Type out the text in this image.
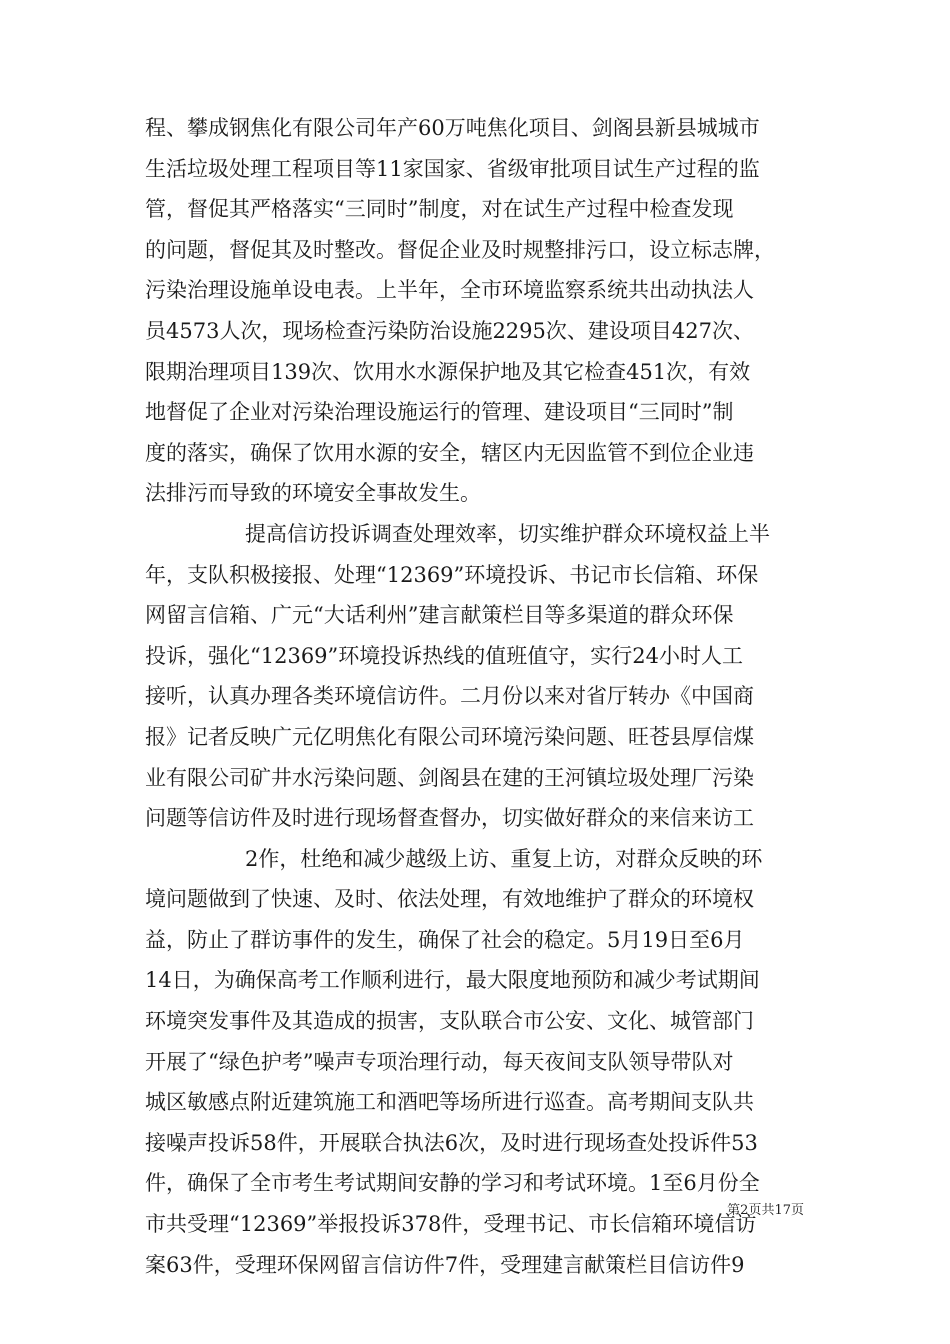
程、攀成钢焦化有限公司年产60万吨焦化项目、剑阁县新县城城市
生活垃圾处理工程项目等11家国家、省级审批项目试生产过程的监
管，督促其严格落实“三同时”制度，对在试生产过程中检查发现
的问题，督促其及时整改。督促企业及时规整排污口，设立标志牌，
污染治理设施单设电表。上半年，全市环境监察系统共出动执法人
员4573人次，现场检查污染防治设施2295次、建设项目427次、
限期治理项目139次、饮用水水源保护地及其它检查451次，有效
地督促了企业对污染治理设施运行的管理、建设项目“三同时”制
度的落实，确保了饮用水源的安全，辖区内无因监管不到位企业违
法排污而导致的环境安全事故发生。
提高信访投诉调查处理效率，切实维护群众环境权益上半
年，支队积极接报、处理“12369”环境投诉、书记市长信箱、环保
网留言信箱、广元“大话利州”建言献策栏目等多渠道的群众环保
投诉，强化“12369”环境投诉热线的值班值守，实行24小时人工
接听，认真办理各类环境信访件。二月份以来对省厅转办《中国商
报》记者反映广元亿明焦化有限公司环境污染问题、旺苍县厚信煤
业有限公司矿井水污染问题、剑阁县在建的王河镇垃圾处理厂污染
问题等信访件及时进行现场督查督办，切实做好群众的来信来访工
2作，杜绝和减少越级上访、重复上访，对群众反映的环
境问题做到了快速、及时、依法处理，有效地维护了群众的环境权
益，防止了群访事件的发生，确保了社会的稳定。5月19日至6月
14日，为确保高考工作顺利进行，最大限度地预防和减少考试期间
环境突发事件及其造成的损害，支队联合市公安、文化、城管部门
开展了“绿色护考”噪声专项治理行动，每天夜间支队领导带队对
城区敏感点附近建筑施工和酒吧等场所进行巡查。高考期间支队共
接噪声投诉58件，开展联合执法6次，及时进行现场查处投诉件53
件，确保了全市考生考试期间安静的学习和考试环境。1至6月份全
市共受理“12369”举报投诉378件，受理书记、市长信箱环境信访
案63件，受理环保网留言信访件7件，受理建言献策栏目信访件9
第2页共17页
